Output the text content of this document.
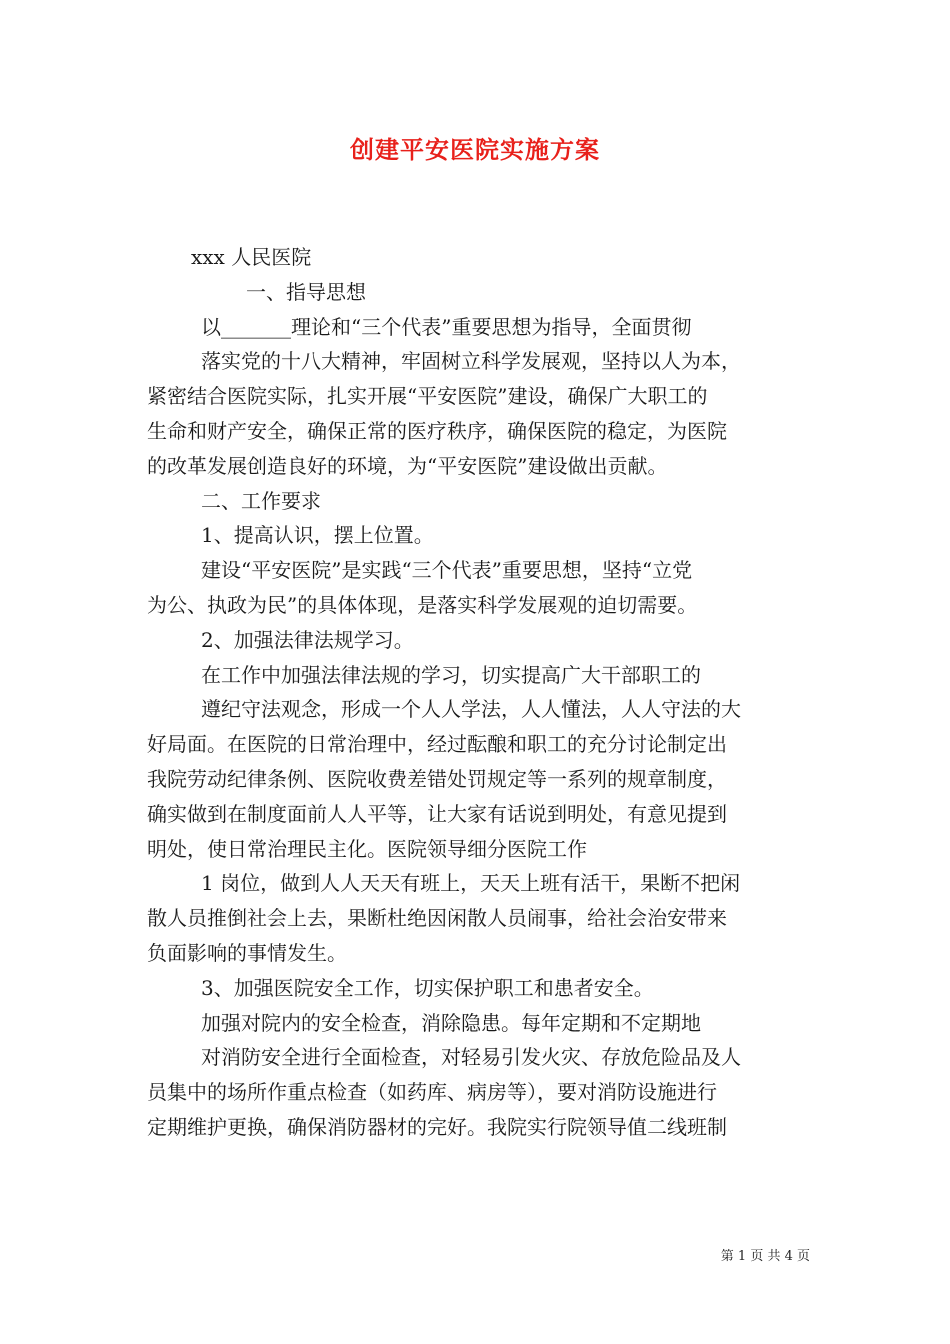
创建平安医院实施方案

xxx 人民医院

一、指导思想

以_______理论和“三个代表”重要思想为指导，全面贯彻

落实党的十八大精神，牢固树立科学发展观，坚持以人为本，

紧密结合医院实际，扎实开展“平安医院”建设，确保广大职工的

生命和财产安全，确保正常的医疗秩序，确保医院的稳定，为医院

的改革发展创造良好的环境，为“平安医院”建设做出贡献。

二、工作要求

1、提高认识，摆上位置。

建设“平安医院”是实践“三个代表”重要思想，坚持“立党

为公、执政为民”的具体体现，是落实科学发展观的迫切需要。

2、加强法律法规学习。

在工作中加强法律法规的学习，切实提高广大干部职工的

遵纪守法观念，形成一个人人学法，人人懂法，人人守法的大

好局面。在医院的日常治理中，经过酝酿和职工的充分讨论制定出

我院劳动纪律条例、医院收费差错处罚规定等一系列的规章制度，

确实做到在制度面前人人平等，让大家有话说到明处，有意见提到

明处，使日常治理民主化。医院领导细分医院工作

1 岗位，做到人人天天有班上，天天上班有活干，果断不把闲

散人员推倒社会上去，果断杜绝因闲散人员闹事，给社会治安带来

负面影响的事情发生。

3、加强医院安全工作，切实保护职工和患者安全。

加强对院内的安全检查，消除隐患。每年定期和不定期地

对消防安全进行全面检查，对轻易引发火灾、存放危险品及人

员集中的场所作重点检查（如药库、病房等），要对消防设施进行

定期维护更换，确保消防器材的完好。我院实行院领导值二线班制

第 1 页 共 4 页
